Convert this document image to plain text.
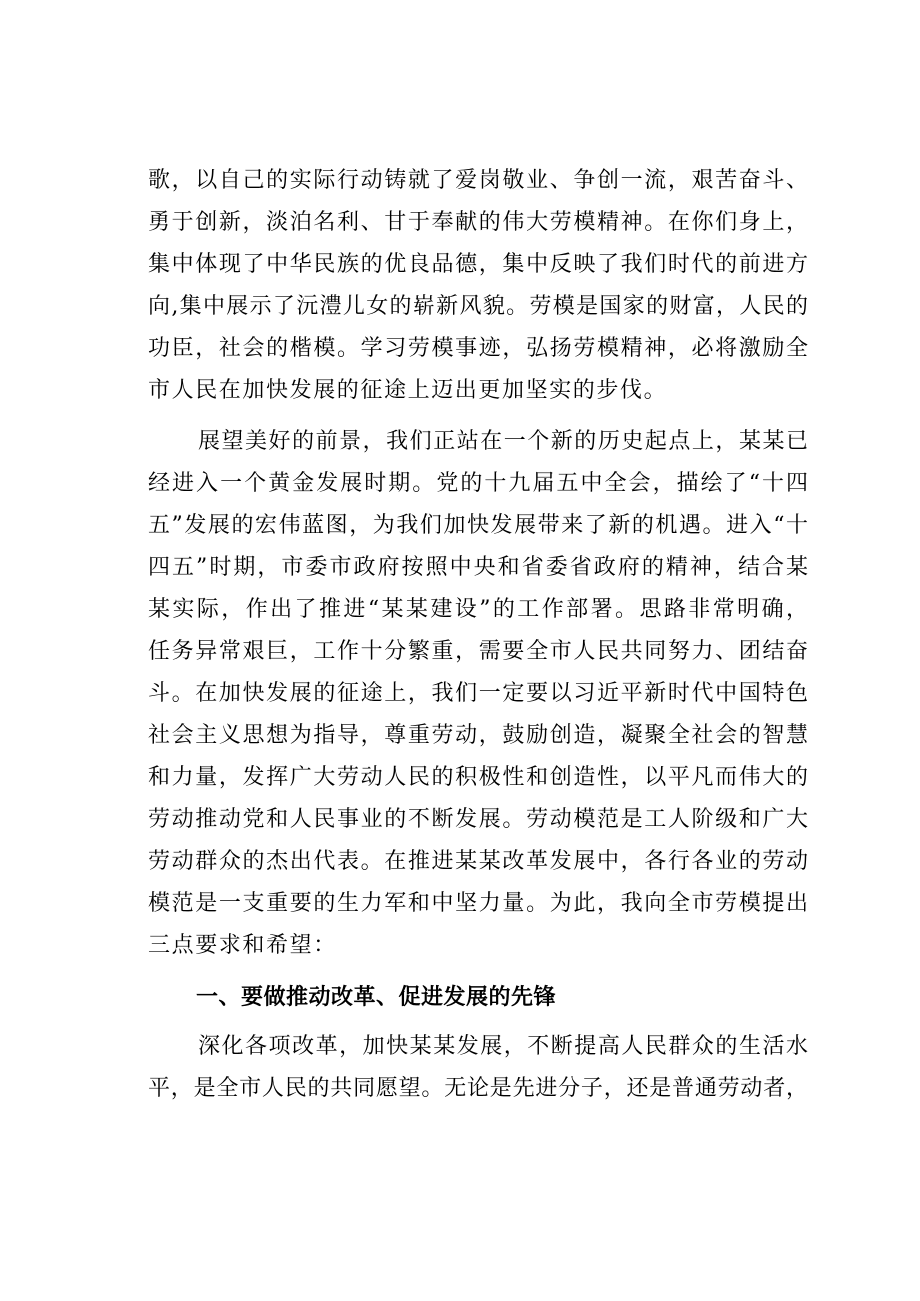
歌，以自己的实际行动铸就了爱岗敬业、争创一流，艰苦奋斗、
勇于创新，淡泊名利、甘于奉献的伟大劳模精神。在你们身上，
集中体现了中华民族的优良品德，集中反映了我们时代的前进方
向,集中展示了沅澧儿女的崭新风貌。劳模是国家的财富，人民的
功臣，社会的楷模。学习劳模事迹，弘扬劳模精神，必将激励全
市人民在加快发展的征途上迈出更加坚实的步伐。
展望美好的前景，我们正站在一个新的历史起点上，某某已
经进入一个黄金发展时期。党的十九届五中全会，描绘了“十四
五”发展的宏伟蓝图，为我们加快发展带来了新的机遇。进入“十
四五”时期，市委市政府按照中央和省委省政府的精神，结合某
某实际，作出了推进“某某建设”的工作部署。思路非常明确，
任务异常艰巨，工作十分繁重，需要全市人民共同努力、团结奋
斗。在加快发展的征途上，我们一定要以习近平新时代中国特色
社会主义思想为指导，尊重劳动，鼓励创造，凝聚全社会的智慧
和力量，发挥广大劳动人民的积极性和创造性，以平凡而伟大的
劳动推动党和人民事业的不断发展。劳动模范是工人阶级和广大
劳动群众的杰出代表。在推进某某改革发展中，各行各业的劳动
模范是一支重要的生力军和中坚力量。为此，我向全市劳模提出
三点要求和希望：
一、要做推动改革、促进发展的先锋
深化各项改革，加快某某发展，不断提高人民群众的生活水
平，是全市人民的共同愿望。无论是先进分子，还是普通劳动者，
